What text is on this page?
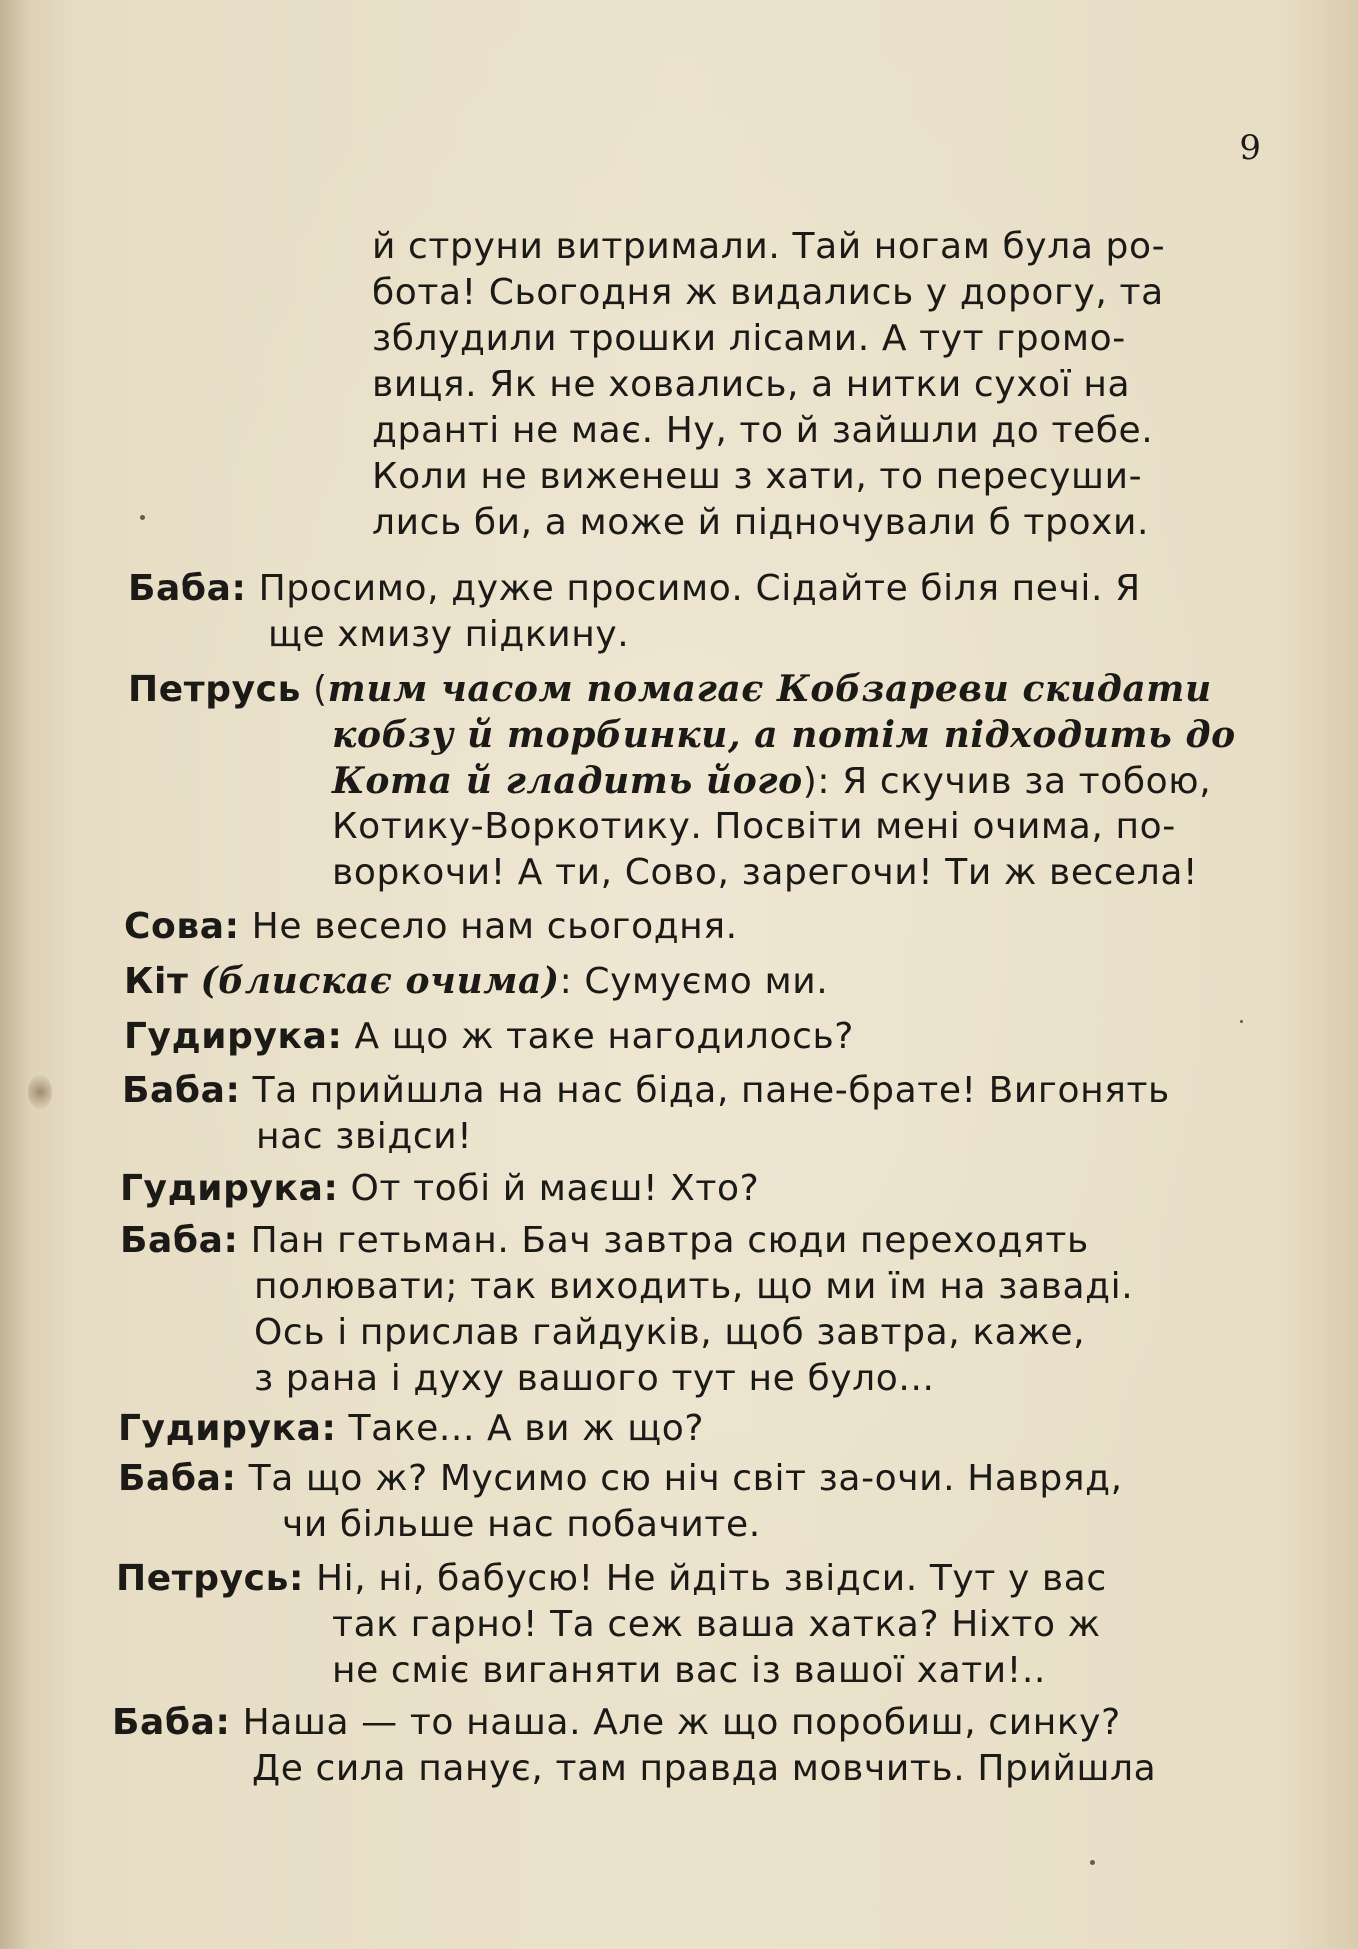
9
й струни витримали. Тай ногам була ро-
бота! Сьогодня ж видались у дорогу, та
зблудили трошки лісами. А тут громо-
виця. Як не ховались, а нитки сухої на
дранті не має. Ну, то й зайшли до тебе.
Коли не виженеш з хати, то пересуши-
лись би, а може й підночували б трохи.
Баба: Просимо, дуже просимо. Сідайте біля печі. Я
ще хмизу підкину.
Петрусь (тим часом помагає Кобзареви скидати
кобзу й торбинки, а потім підходить до
Кота й гладить його): Я скучив за тобою,
Котику-Воркотику. Посвіти мені очима, по-
воркочи! А ти, Сово, зарегочи! Ти ж весела!
Сова: Не весело нам сьогодня.
Кіт (блискає очима): Сумуємо ми.
Гудирука: А що ж таке нагодилось?
Баба: Та прийшла на нас біда, пане-брате! Вигонять
нас звідси!
Гудирука: От тобі й маєш! Хто?
Баба: Пан гетьман. Бач завтра сюди переходять
полювати; так виходить, що ми їм на заваді.
Ось і прислав гайдуків, щоб завтра, каже,
з рана і духу вашого тут не було...
Гудирука: Таке... А ви ж що?
Баба: Та що ж? Мусимо сю ніч світ за-очи. Навряд,
чи більше нас побачите.
Петрусь: Ні, ні, бабусю! Не йдіть звідси. Тут у вас
так гарно! Та сеж ваша хатка? Ніхто ж
не сміє виганяти вас із вашої хати!..
Баба: Наша — то наша. Але ж що поробиш, синку?
Де сила панує, там правда мовчить. Прийшла
